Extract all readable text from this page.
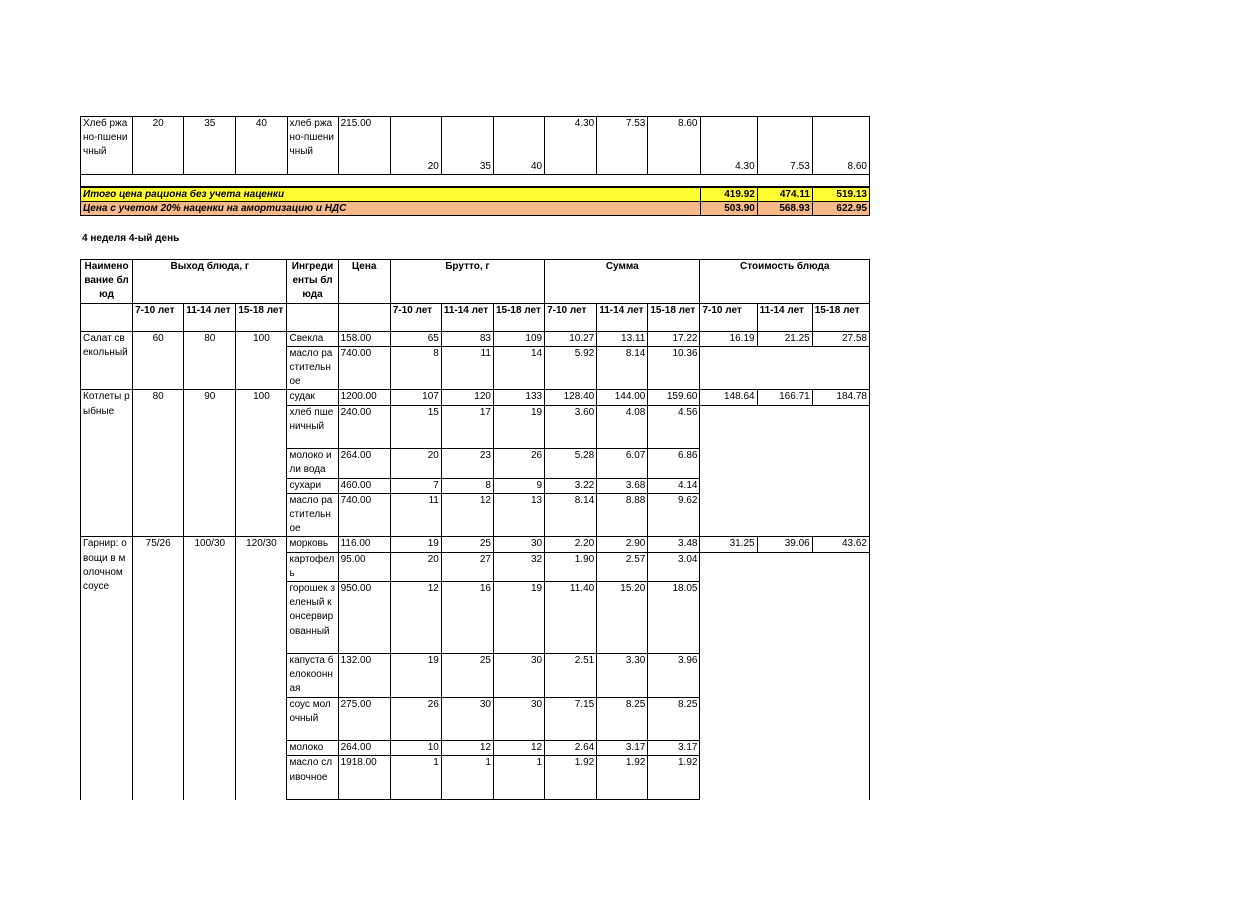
Хлеб ржано-пшеничный	20	35	40	хлеб ржано-пшеничный	215.00	20	35	40	4.30	7.53	8.60	4.30	7.53	8.60

Итого цена рациона без учета наценки	419.92	474.11	519.13
Цена с учетом 20% наценки на амортизацию и НДС	503.90	568.93	622.95
4 неделя 4-ый день
Наименование блюд	Выход блюда, г			Ингредиенты блюда	Цена	Брутто, г			Сумма			Стоимость блюда		
	7-10 лет	11-14 лет	15-18 лет			7-10 лет	11-14 лет	15-18 лет	7-10 лет	11-14 лет	15-18 лет	7-10 лет	11-14 лет	15-18 лет
Салат свекольный	60	80	100	Свекла	158.00	65	83	109	10.27	13.11	17.22	16.19	21.25	27.58
				масло растительное	740.00	8	11	14	5.92	8.14	10.36			
Котлеты рыбные	80	90	100	судак	1200.00	107	120	133	128.40	144.00	159.60	148.64	166.71	184.78
				хлеб пшеничный	240.00	15	17	19	3.60	4.08	4.56			
				молоко или вода	264.00	20	23	26	5.28	6.07	6.86			
				сухари	460.00	7	8	9	3.22	3.68	4.14			
				масло растительное	740.00	11	12	13	8.14	8.88	9.62			
Гарнир: овощи в молочном соусе	75/26	100/30	120/30	морковь	116.00	19	25	30	2.20	2.90	3.48	31.25	39.06	43.62
				картофель	95.00	20	27	32	1.90	2.57	3.04			
				горошек зеленый консервированный	950.00	12	16	19	11.40	15.20	18.05			
				капуста белокоонная	132.00	19	25	30	2.51	3.30	3.96			
				соус молочный	275.00	26	30	30	7.15	8.25	8.25			
				молоко	264.00	10	12	12	2.64	3.17	3.17			
				масло сливочное	1918.00	1	1	1	1.92	1.92	1.92			
